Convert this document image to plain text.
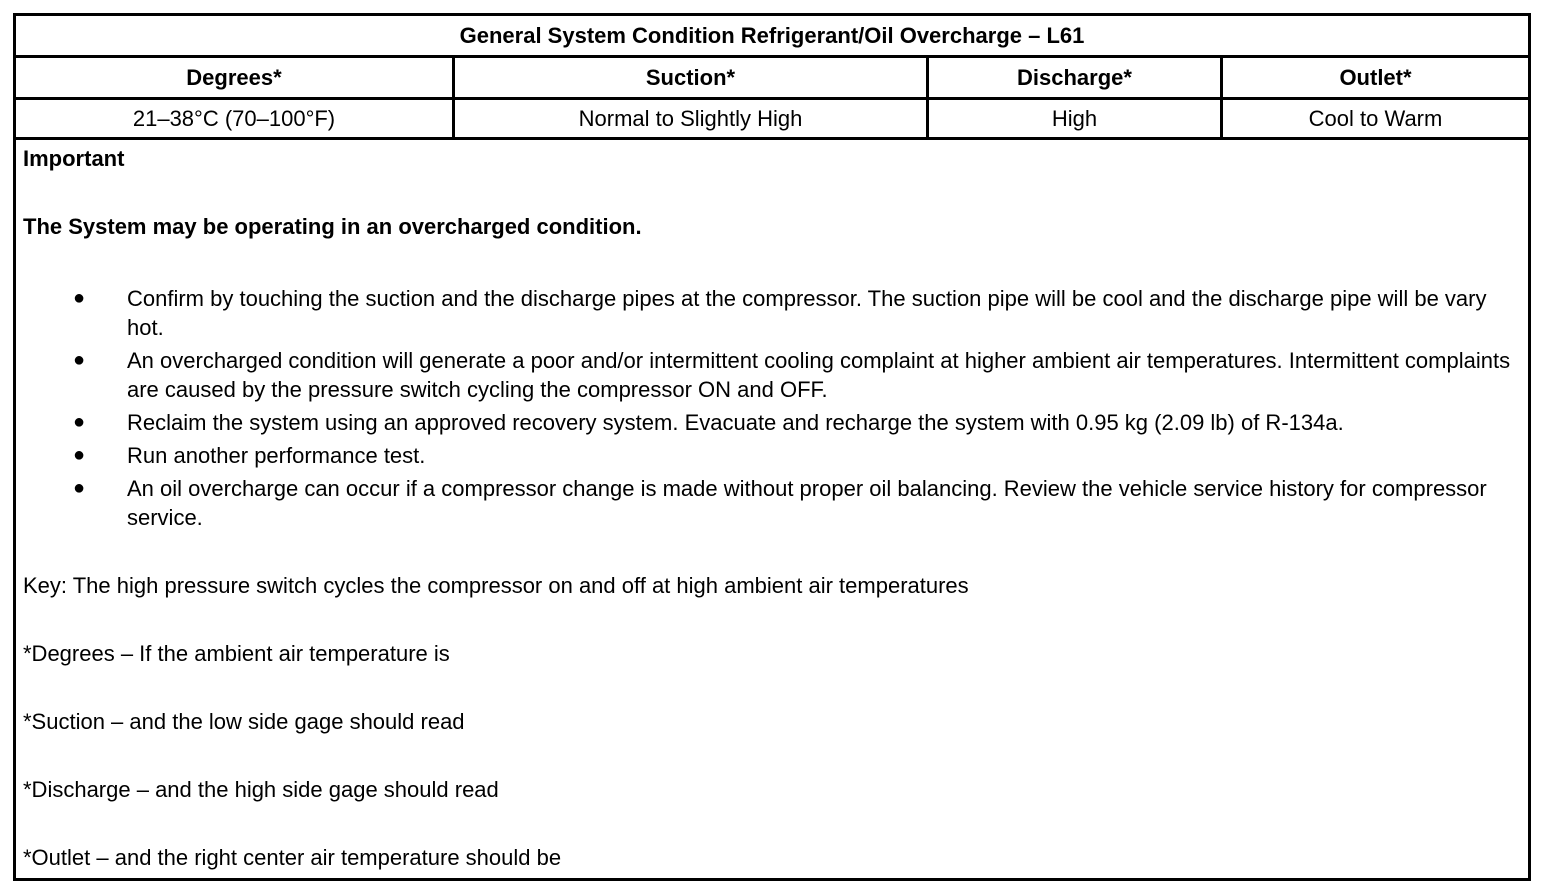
General System Condition Refrigerant/Oil Overcharge – L61
Degrees*	Suction*	Discharge*	Outlet*
21–38°C (70–100°F)	Normal to Slightly High	High	Cool to Warm
Important
The System may be operating in an overcharged condition.
● Confirm by touching the suction and the discharge pipes at the compressor. The suction pipe will be cool and the discharge pipe will be vary hot.
● An overcharged condition will generate a poor and/or intermittent cooling complaint at higher ambient air temperatures. Intermittent complaints are caused by the pressure switch cycling the compressor ON and OFF.
● Reclaim the system using an approved recovery system. Evacuate and recharge the system with 0.95 kg (2.09 lb) of R-134a.
● Run another performance test.
● An oil overcharge can occur if a compressor change is made without proper oil balancing. Review the vehicle service history for compressor service.
Key: The high pressure switch cycles the compressor on and off at high ambient air temperatures
*Degrees – If the ambient air temperature is
*Suction – and the low side gage should read
*Discharge – and the high side gage should read
*Outlet – and the right center air temperature should be
